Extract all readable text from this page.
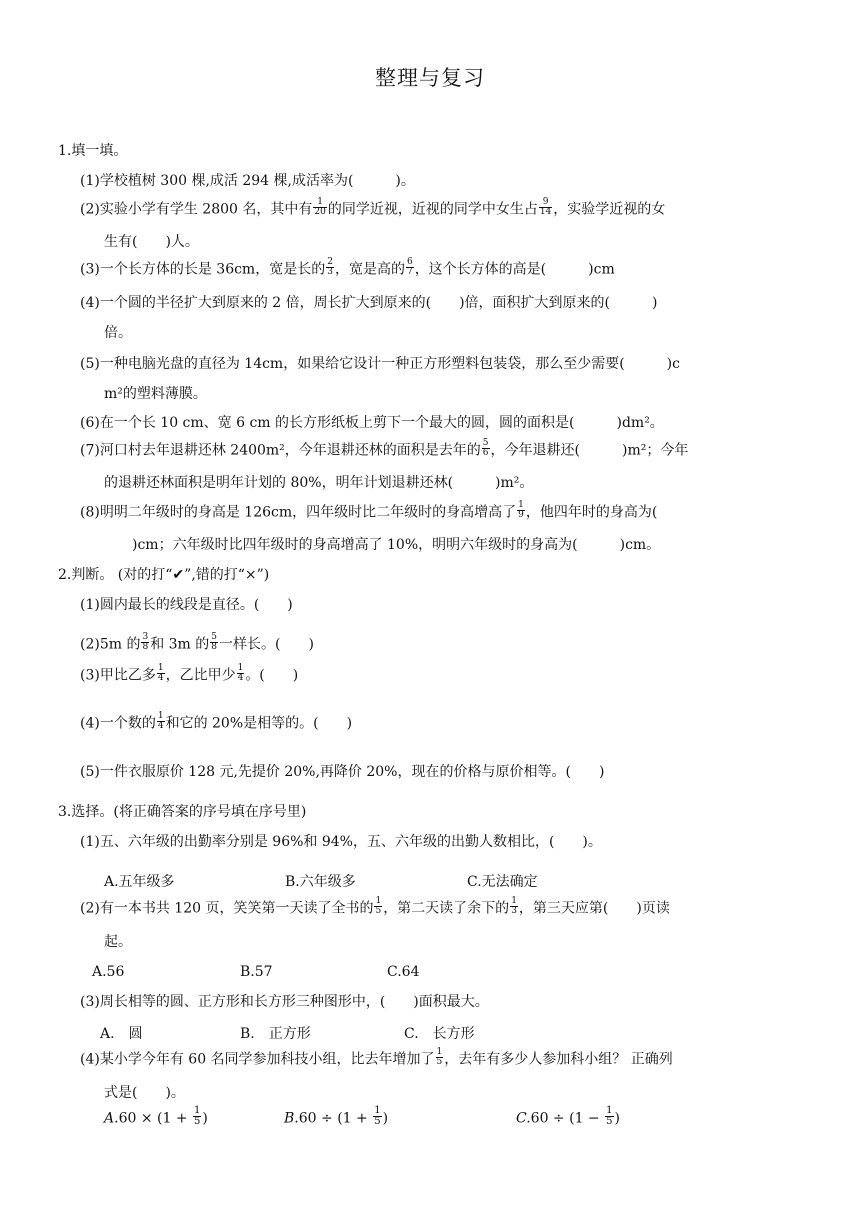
整理与复习
1.填一填。
(1)学校植树 300 棵,成活 294 棵,成活率为(　　　)。
(2)实验小学有学生 2800 名，其中有 $\frac{1}{20}$ 的同学近视，近视的同学中女生占 $\frac{9}{14}$ ，实验学近视的女
生有(　　)人。
(3)一个长方体的长是 36cm，宽是长的 $\frac{2}{3}$ ，宽是高的 $\frac{6}{7}$ ，这个长方体的高是(　　　)cm
(4)一个圆的半径扩大到原来的 2 倍，周长扩大到原来的(　　)倍，面积扩大到原来的(　　　)
倍。
(5)一种电脑光盘的直径为 14cm，如果给它设计一种正方形塑料包装袋，那么至少需要(　　　)c
m²的塑料薄膜。
(6)在一个长 10 cm、宽 6 cm 的长方形纸板上剪下一个最大的圆，圆的面积是(　　　)dm²。
(7)河口村去年退耕还林 2400m²，今年退耕还林的面积是去年的 $\frac{5}{6}$ ，今年退耕还(　　　)m²；今年
的退耕还林面积是明年计划的 80%，明年计划退耕还林(　　　)m²。
(8)明明二年级时的身高是 126cm，四年级时比二年级时的身高增高了 $\frac{1}{9}$ ，他四年时的身高为(
　　)cm；六年级时比四年级时的身高增高了 10%，明明六年级时的身高为(　　　)cm。
2.判断。 (对的打“✔”,错的打“×”)
(1)圆内最长的线段是直径。(　　)
(2)5m 的 $\frac{3}{8}$ 和 3m 的 $\frac{5}{8}$ 一样长。(　　)
(3)甲比乙多 $\frac{1}{4}$ ，乙比甲少 $\frac{1}{4}$ 。(　　)
(4)一个数的 $\frac{1}{4}$ 和它的 20%是相等的。(　　)
(5)一件衣服原价 128 元,先提价 20%,再降价 20%，现在的价格与原价相等。(　　)
3.选择。(将正确答案的序号填在序号里)
(1)五、六年级的出勤率分别是 96%和 94%，五、六年级的出勤人数相比，(　　)。
A.五年级多	B.六年级多	C.无法确定
(2)有一本书共 120 页，笑笑第一天读了全书的 $\frac{1}{5}$ ，第二天读了余下的 $\frac{1}{3}$ ，第三天应第(　　)页读
起。
A.56	B.57	C.64
(3)周长相等的圆、正方形和长方形三种图形中，(　　)面积最大。
A.　圆	B.　正方形	C.　长方形
(4)某小学今年有 60 名同学参加科技小组，比去年增加了 $\frac{1}{5}$ ，去年有多少人参加科小组？ 正确列
式是(　　)。
$A.60 \times (1 + \frac{1}{5}$ )	$B.60 \div (1 + \frac{1}{5}$ )	$C.60 \div (1 - \frac{1}{5}$ )
